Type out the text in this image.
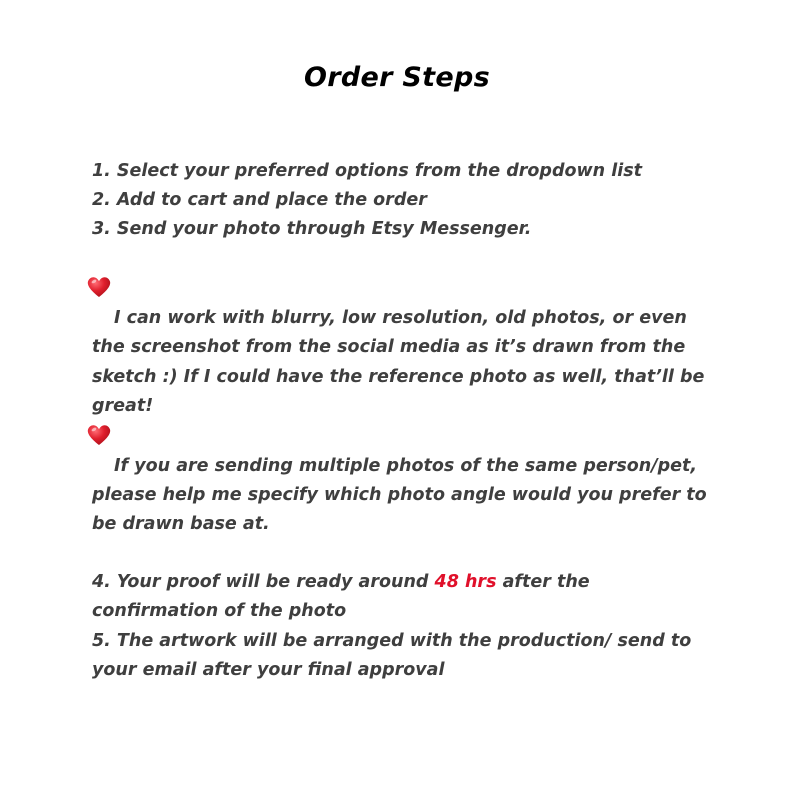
Order Steps
1. Select your preferred options from the dropdown list
2. Add to cart and place the order
3. Send your photo through Etsy Messenger.
I can work with blurry, low resolution, old photos, or even
the screenshot from the social media as it’s drawn from the
sketch :) If I could have the reference photo as well, that’ll be
great!
If you are sending multiple photos of the same person/pet,
please help me specify which photo angle would you prefer to
be drawn base at.
4. Your proof will be ready around 48 hrs after the
confirmation of the photo
5. The artwork will be arranged with the production/ send to
your email after your final approval
